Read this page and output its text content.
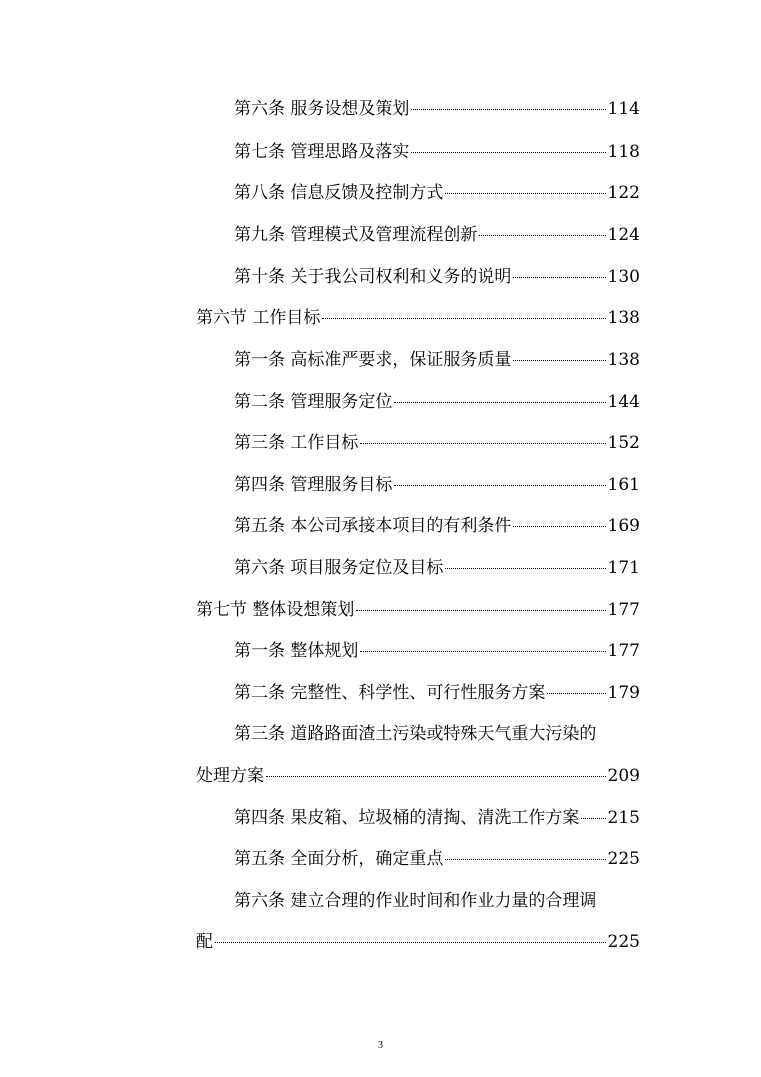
第六条 服务设想及策划	114
第七条 管理思路及落实	118
第八条 信息反馈及控制方式	122
第九条 管理模式及管理流程创新	124
第十条 关于我公司权利和义务的说明	130
第六节 工作目标	138
第一条 高标准严要求，保证服务质量	138
第二条 管理服务定位	144
第三条 工作目标	152
第四条 管理服务目标	161
第五条 本公司承接本项目的有利条件	169
第六条 项目服务定位及目标	171
第七节 整体设想策划	177
第一条 整体规划	177
第二条 完整性、科学性、可行性服务方案	179
第三条 道路路面渣土污染或特殊天气重大污染的
处理方案	209
第四条 果皮箱、垃圾桶的清掏、清洗工作方案 215
第五条 全面分析，确定重点	225
第六条 建立合理的作业时间和作业力量的合理调
配	225
3
